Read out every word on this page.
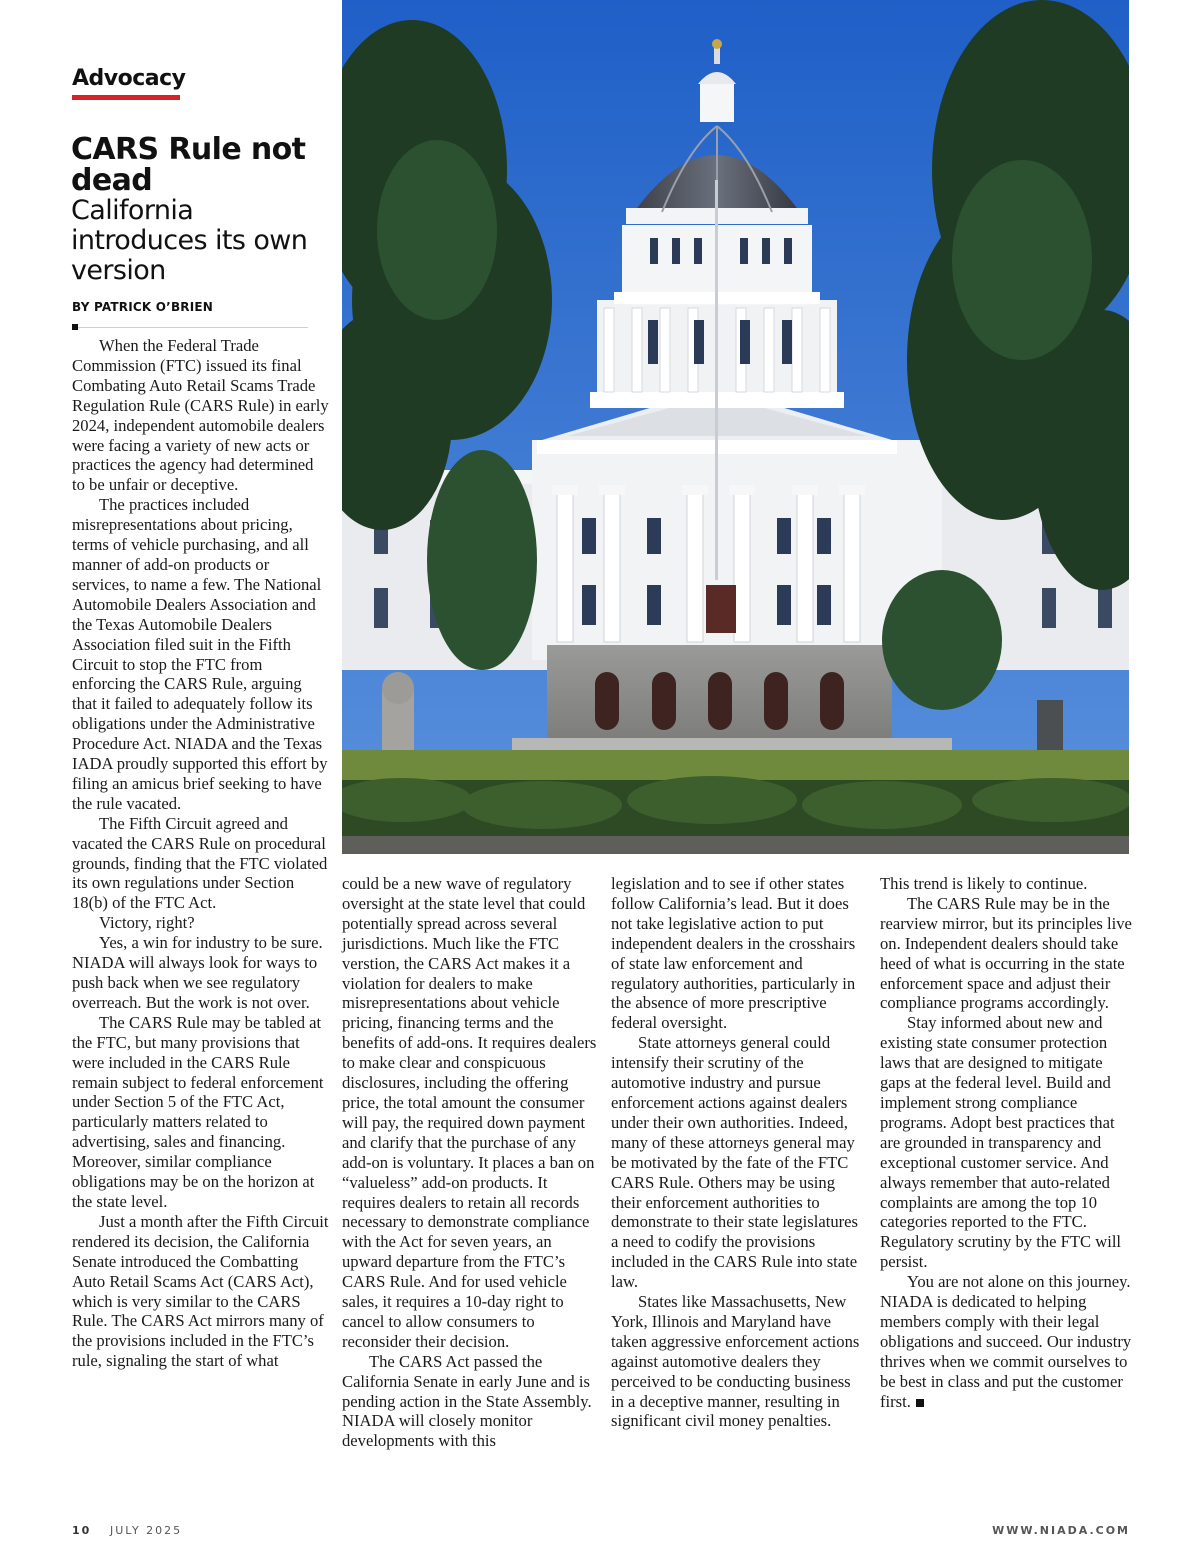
Advocacy
CARS Rule not dead
California introduces its own version
BY PATRICK O’BRIEN

When the Federal Trade Commission (FTC) issued its final Combating Auto Retail Scams Trade Regulation Rule (CARS Rule) in early 2024, independent automobile dealers were facing a variety of new acts or practices the agency had determined to be unfair or deceptive.

The practices included misrepresentations about pricing, terms of vehicle purchasing, and all manner of add-on products or services, to name a few. The National Automobile Dealers Association and the Texas Automobile Dealers Association filed suit in the Fifth Circuit to stop the FTC from enforcing the CARS Rule, arguing that it failed to adequately follow its obligations under the Administrative Procedure Act. NIADA and the Texas IADA proudly supported this effort by filing an amicus brief seeking to have the rule vacated.

The Fifth Circuit agreed and vacated the CARS Rule on procedural grounds, finding that the FTC violated its own regulations under Section 18(b) of the FTC Act.

Victory, right?

Yes, a win for industry to be sure. NIADA will always look for ways to push back when we see regulatory overreach. But the work is not over.

The CARS Rule may be tabled at the FTC, but many provisions that were included in the CARS Rule remain subject to federal enforcement under Section 5 of the FTC Act, particularly matters related to advertising, sales and financing. Moreover, similar compliance obligations may be on the horizon at the state level.

Just a month after the Fifth Circuit rendered its decision, the California Senate introduced the Combatting Auto Retail Scams Act (CARS Act), which is very similar to the CARS Rule. The CARS Act mirrors many of the provisions included in the FTC’s rule, signaling the start of what

could be a new wave of regulatory oversight at the state level that could potentially spread across several jurisdictions. Much like the FTC verstion, the CARS Act makes it a violation for dealers to make misrepresentations about vehicle pricing, financing terms and the benefits of add-ons. It requires dealers to make clear and conspicuous disclosures, including the offering price, the total amount the consumer will pay, the required down payment and clarify that the purchase of any add-on is voluntary. It places a ban on “valueless” add-on products. It requires dealers to retain all records necessary to demonstrate compliance with the Act for seven years, an upward departure from the FTC’s CARS Rule. And for used vehicle sales, it requires a 10-day right to cancel to allow consumers to reconsider their decision.

The CARS Act passed the California Senate in early June and is pending action in the State Assembly. NIADA will closely monitor developments with this

legislation and to see if other states follow California’s lead. But it does not take legislative action to put independent dealers in the crosshairs of state law enforcement and regulatory authorities, particularly in the absence of more prescriptive federal oversight.

State attorneys general could intensify their scrutiny of the automotive industry and pursue enforcement actions against dealers under their own authorities. Indeed, many of these attorneys general may be motivated by the fate of the FTC CARS Rule. Others may be using their enforcement authorities to demonstrate to their state legislatures a need to codify the provisions included in the CARS Rule into state law.

States like Massachusetts, New York, Illinois and Maryland have taken aggressive enforcement actions against automotive dealers they perceived to be conducting business in a deceptive manner, resulting in significant civil money penalties.

This trend is likely to continue.

The CARS Rule may be in the rearview mirror, but its principles live on. Independent dealers should take heed of what is occurring in the state enforcement space and adjust their compliance programs accordingly.

Stay informed about new and existing state consumer protection laws that are designed to mitigate gaps at the federal level. Build and implement strong compliance programs. Adopt best practices that are grounded in transparency and exceptional customer service. And always remember that auto-related complaints are among the top 10 categories reported to the FTC. Regulatory scrutiny by the FTC will persist.

You are not alone on this journey. NIADA is dedicated to helping members comply with their legal obligations and succeed. Our industry thrives when we commit ourselves to be best in class and put the customer first.

10 JULY 2025	WWW.NIADA.COM
